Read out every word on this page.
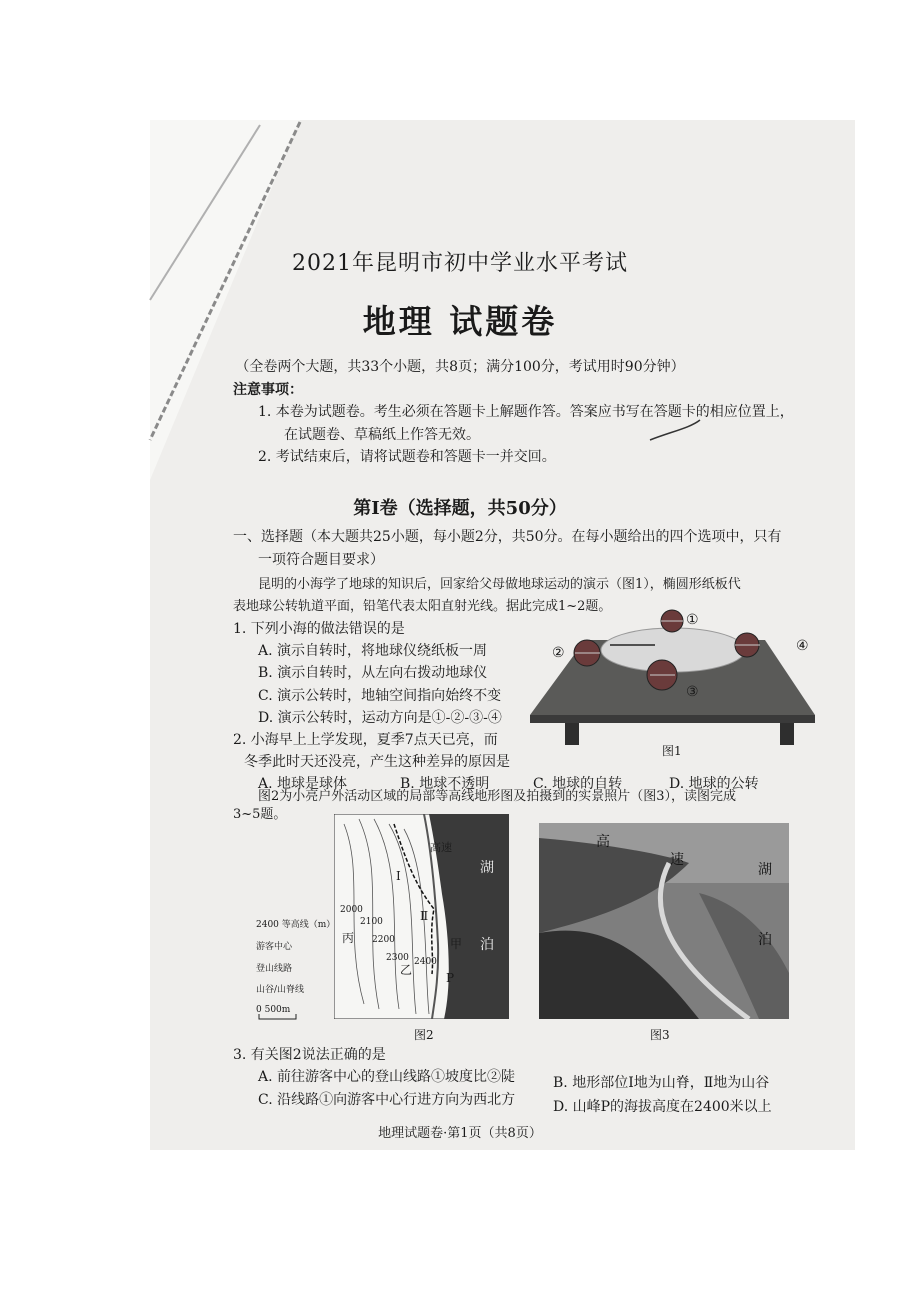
2021年昆明市初中学业水平考试
地理 试题卷
（全卷两个大题，共33个小题，共8页；满分100分，考试用时90分钟）
注意事项：
1. 本卷为试题卷。考生必须在答题卡上解题作答。答案应书写在答题卡的相应位置上，
在试题卷、草稿纸上作答无效。
2. 考试结束后，请将试题卷和答题卡一并交回。
第Ⅰ卷（选择题，共50分）
一、选择题（本大题共25小题，每小题2分，共50分。在每小题给出的四个选项中，只有
一项符合题目要求）
昆明的小海学了地球的知识后，回家给父母做地球运动的演示（图1），椭圆形纸板代
表地球公转轨道平面，铅笔代表太阳直射光线。据此完成1~2题。
1. 下列小海的做法错误的是
A. 演示自转时，将地球仪绕纸板一周
B. 演示自转时，从左向右拨动地球仪
C. 演示公转时，地轴空间指向始终不变
D. 演示公转时，运动方向是①-②-③-④
2. 小海早上上学发现，夏季7点天已亮，而
冬季此时天还没亮，产生这种差异的原因是
A. 地球是球体	B. 地球不透明	C. 地球的自转	D. 地球的公转
①
②
③
④
图1
图2为小亮户外活动区域的局部等高线地形图及拍摄到的实景照片（图3），读图完成
3~5题。
湖
泊
高速
Ⅰ
Ⅱ
丙
乙
甲
P
2000
2100
2200
2300 2400
2400 等高线（m）
游客中心
登山线路
山谷/山脊线
0 500m
图2
高
速
湖
泊
图3
3. 有关图2说法正确的是
A. 前往游客中心的登山线路①坡度比②陡	B. 地形部位Ⅰ地为山脊，Ⅱ地为山谷
C. 沿线路①向游客中心行进方向为西北方	D. 山峰P的海拔高度在2400米以上
地理试题卷·第1页（共8页）
